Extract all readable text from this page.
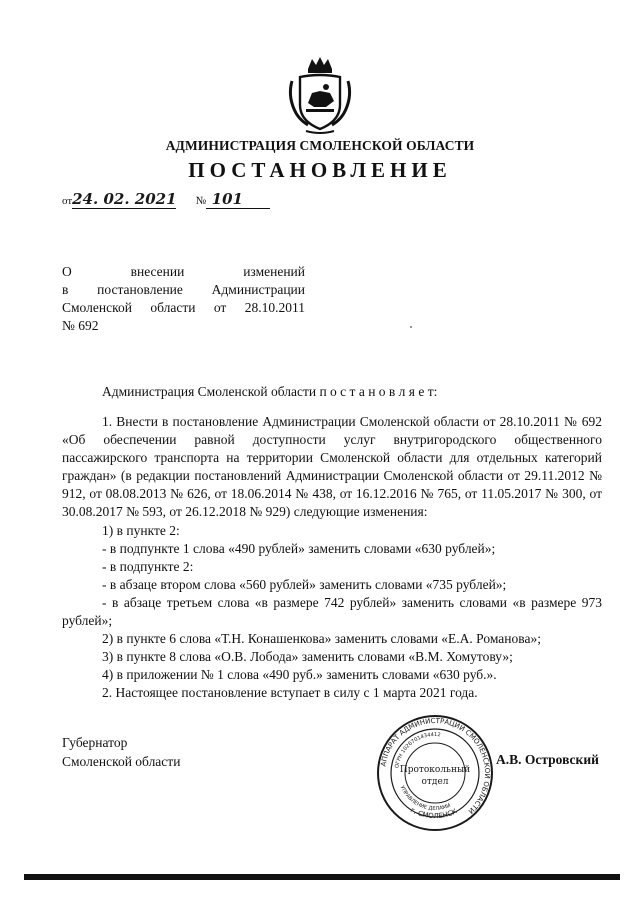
АДМИНИСТРАЦИЯ СМОЛЕНСКОЙ ОБЛАСТИ
ПОСТАНОВЛЕНИЕ
от24. 02. 2021 № 101
О внесении изменений
в постановление Администрации
Смоленской области от 28.10.2011
№ 692
Администрация Смоленской области п о с т а н о в л я е т:

1. Внести в постановление Администрации Смоленской области от 28.10.2011 № 692 «Об обеспечении равной доступности услуг внутригородского общественного пассажирского транспорта на территории Смоленской области для отдельных категорий граждан» (в редакции постановлений Администрации Смоленской области от 29.11.2012 № 912, от 08.08.2013 № 626, от 18.06.2014 № 438, от 16.12.2016 № 765, от 11.05.2017 № 300, от 30.08.2017 № 593, от 26.12.2018 № 929) следующие изменения:

1) в пункте 2:

- в подпункте 1 слова «490 рублей» заменить словами «630 рублей»;

- в подпункте 2:

- в абзаце втором слова «560 рублей» заменить словами «735 рублей»;

- в абзаце третьем слова «в размере 742 рублей» заменить словами «в размере 973 рублей»;

2) в пункте 6 слова «Т.Н. Конашенкова» заменить словами «Е.А. Романова»;

3) в пункте 8 слова «О.В. Лобода» заменить словами «В.М. Хомутову»;

4) в приложении № 1 слова «490 руб.» заменить словами «630 руб.».

2. Настоящее постановление вступает в силу с 1 марта 2021 года.

Губернатор
Смоленской области	А.В. Островский
АППАРАТ АДМИНИСТРАЦИИ СМОЛЕНСКОЙ ОБЛАСТИ
г. СМОЛЕНСК
ОГРН 1026701434412
УПРАВЛЕНИЕ ДЕЛАМИ
Протокольный
отдел
